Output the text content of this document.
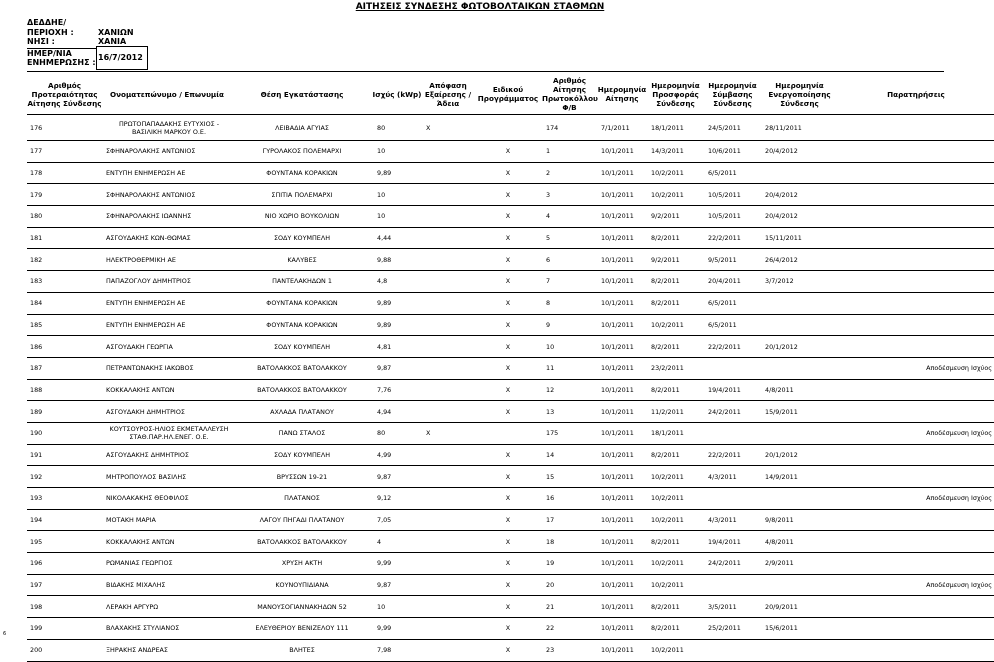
ΑΙΤΗΣΕΙΣ ΣΥΝΔΕΣΗΣ ΦΩΤΟΒΟΛΤΑΙΚΩΝ ΣΤΑΘΜΩΝ
ΔΕΔΔΗΕ/
ΠΕΡΙΟΧΗ :	ΧΑΝΙΩΝ
ΝΗΣΙ :	ΧΑΝΙΑ
ΗΜΕΡ/ΝΙΑ
ΕΝΗΜΕΡΩΣΗΣ :
16/7/2012
Αριθμός Προτεραιότητας Αίτησης Σύνδεσης	Ονοματεπώνυμο / Επωνυμία	Θέση Εγκατάστασης	Ισχύς (kWp)	Απόφαση Εξαίρεσης / Άδεια	Ειδικού Προγράμματος	Αριθμός Αίτησης Πρωτοκόλλου Φ/Β	Ημερομηνία Αίτησης	Ημερομηνία Προσφοράς Σύνδεσης	Ημερομηνία Σύμβασης Σύνδεσης	Ημερομηνία Ενεργοποίησης Σύνδεσης	Παρατηρήσεις
176	ΠΡΩΤΟΠΑΠΑΔΑΚΗΣ ΕΥΤΥΧΙΟΣ - ΒΑΣΙΛΙΚΗ ΜΑΡΚΟΥ Ο.Ε.	ΛΕΙΒΑΔΙΑ ΑΓΥΙΑΣ	80	Χ		174	7/1/2011	18/1/2011	24/5/2011	28/11/2011	
177	ΣΦΗΝΑΡΟΛΑΚΗΣ ΑΝΤΩΝΙΟΣ	ΓΥΡΟΛΑΚΟΣ ΠΟΛΕΜΑΡΧΙ	10		Χ	1	10/1/2011	14/3/2011	10/6/2011	20/4/2012	
178	ΕΝΤΥΠΗ ΕΝΗΜΕΡΩΣΗ ΑΕ	ΦΟΥΝΤΑΝΑ ΚΟΡΑΚΙΩΝ	9,89		Χ	2	10/1/2011	10/2/2011	6/5/2011		
179	ΣΦΗΝΑΡΟΛΑΚΗΣ ΑΝΤΩΝΙΟΣ	ΣΠΙΤΙΑ ΠΟΛΕΜΑΡΧΙ	10		Χ	3	10/1/2011	10/2/2011	10/5/2011	20/4/2012	
180	ΣΦΗΝΑΡΟΛΑΚΗΣ ΙΩΑΝΝΗΣ	ΝΙΟ ΧΩΡΙΟ ΒΟΥΚΟΛΙΩΝ	10		Χ	4	10/1/2011	9/2/2011	10/5/2011	20/4/2012	
181	ΑΣΓΟΥΔΑΚΗΣ ΚΩΝ-ΘΩΜΑΣ	ΣΟΔΥ ΚΟΥΜΠΕΛΗ	4,44		Χ	5	10/1/2011	8/2/2011	22/2/2011	15/11/2011	
182	ΗΛΕΚΤΡΟΘΕΡΜΙΚΗ ΑΕ	ΚΑΛΥΒΕΣ	9,88		Χ	6	10/1/2011	9/2/2011	9/5/2011	26/4/2012	
183	ΠΑΠΑΖΟΓΛΟΥ ΔΗΜΗΤΡΙΟΣ	ΠΑΝΤΕΛΑΚΗΔΩΝ 1	4,8		Χ	7	10/1/2011	8/2/2011	20/4/2011	3/7/2012	
184	ΕΝΤΥΠΗ ΕΝΗΜΕΡΩΣΗ ΑΕ	ΦΟΥΝΤΑΝΑ ΚΟΡΑΚΙΩΝ	9,89		Χ	8	10/1/2011	8/2/2011	6/5/2011		
185	ΕΝΤΥΠΗ ΕΝΗΜΕΡΩΣΗ ΑΕ	ΦΟΥΝΤΑΝΑ ΚΟΡΑΚΙΩΝ	9,89		Χ	9	10/1/2011	10/2/2011	6/5/2011		
186	ΑΣΓΟΥΔΑΚΗ ΓΕΩΡΓΙΑ	ΣΟΔΥ ΚΟΥΜΠΕΛΗ	4,81		Χ	10	10/1/2011	8/2/2011	22/2/2011	20/1/2012	
187	ΠΕΤΡΑΝΤΩΝΑΚΗΣ ΙΑΚΩΒΟΣ	ΒΑΤΟΛΑΚΚΟΣ ΒΑΤΟΛΑΚΚΟΥ	9,87		Χ	11	10/1/2011	23/2/2011			Αποδέσμευση Ισχύος
188	ΚΟΚΚΑΛΑΚΗΣ ΑΝΤΩΝ	ΒΑΤΟΛΑΚΚΟΣ ΒΑΤΟΛΑΚΚΟΥ	7,76		Χ	12	10/1/2011	8/2/2011	19/4/2011	4/8/2011	
189	ΑΣΓΟΥΔΑΚΗ ΔΗΜΗΤΡΙΟΣ	ΑΧΛΑΔΑ ΠΛΑΤΑΝΟΥ	4,94		Χ	13	10/1/2011	11/2/2011	24/2/2011	15/9/2011	
190	ΚΟΥΤΣΟΥΡΟΣ-ΗΛΙΟΣ ΕΚΜΕΤΑΛΛΕΥΣΗ ΣΤΑΘ.ΠΑΡ.ΗΛ.ΕΝΕΓ. Ο.Ε.	ΠΑΝΩ ΣΤΑΛΟΣ	80	Χ		175	10/1/2011	18/1/2011			Αποδέσμευση Ισχύος
191	ΑΣΓΟΥΔΑΚΗΣ ΔΗΜΗΤΡΙΟΣ	ΣΟΔΥ ΚΟΥΜΠΕΛΗ	4,99		Χ	14	10/1/2011	8/2/2011	22/2/2011	20/1/2012	
192	ΜΗΤΡΟΠΟΥΛΟΣ ΒΑΣΙΛΗΣ	ΒΡΥΣΣΩΝ 19-21	9,87		Χ	15	10/1/2011	10/2/2011	4/3/2011	14/9/2011	
193	ΝΙΚΟΛΑΚΑΚΗΣ ΘΕΟΦΙΛΟΣ	ΠΛΑΤΑΝΟΣ	9,12		Χ	16	10/1/2011	10/2/2011			Αποδέσμευση Ισχύος
194	ΜΟΤΑΚΗ ΜΑΡΙΑ	ΛΑΓΟΥ ΠΗΓΑΔΙ ΠΛΑΤΑΝΟΥ	7,05		Χ	17	10/1/2011	10/2/2011	4/3/2011	9/8/2011	
195	ΚΟΚΚΑΛΑΚΗΣ ΑΝΤΩΝ	ΒΑΤΟΛΑΚΚΟΣ ΒΑΤΟΛΑΚΚΟΥ	4		Χ	18	10/1/2011	8/2/2011	19/4/2011	4/8/2011	
196	ΡΩΜΑΝΙΑΣ ΓΕΩΡΓΙΟΣ	ΧΡΥΣΗ ΑΚΤΗ	9,99		Χ	19	10/1/2011	10/2/2011	24/2/2011	2/9/2011	
197	ΒΙΔΑΚΗΣ ΜΙΧΑΛΗΣ	ΚΟΥΝΟΥΠΙΔΙΑΝΑ	9,87		Χ	20	10/1/2011	10/2/2011			Αποδέσμευση Ισχύος
198	ΛΕΡΑΚΗ ΑΡΓΥΡΩ	ΜΑΝΟΥΣΟΓΙΑΝΝΑΚΗΔΩΝ 52	10		Χ	21	10/1/2011	8/2/2011	3/5/2011	20/9/2011	
199	ΒΛΑΧΑΚΗΣ ΣΤΥΛΙΑΝΟΣ	ΕΛΕΥΘΕΡΙΟΥ ΒΕΝΙΖΕΛΟΥ 111	9,99		Χ	22	10/1/2011	8/2/2011	25/2/2011	15/6/2011	
200	ΞΗΡΑΚΗΣ ΑΝΔΡΕΑΣ	ΒΛΗΤΕΣ	7,98		Χ	23	10/1/2011	10/2/2011			
6
